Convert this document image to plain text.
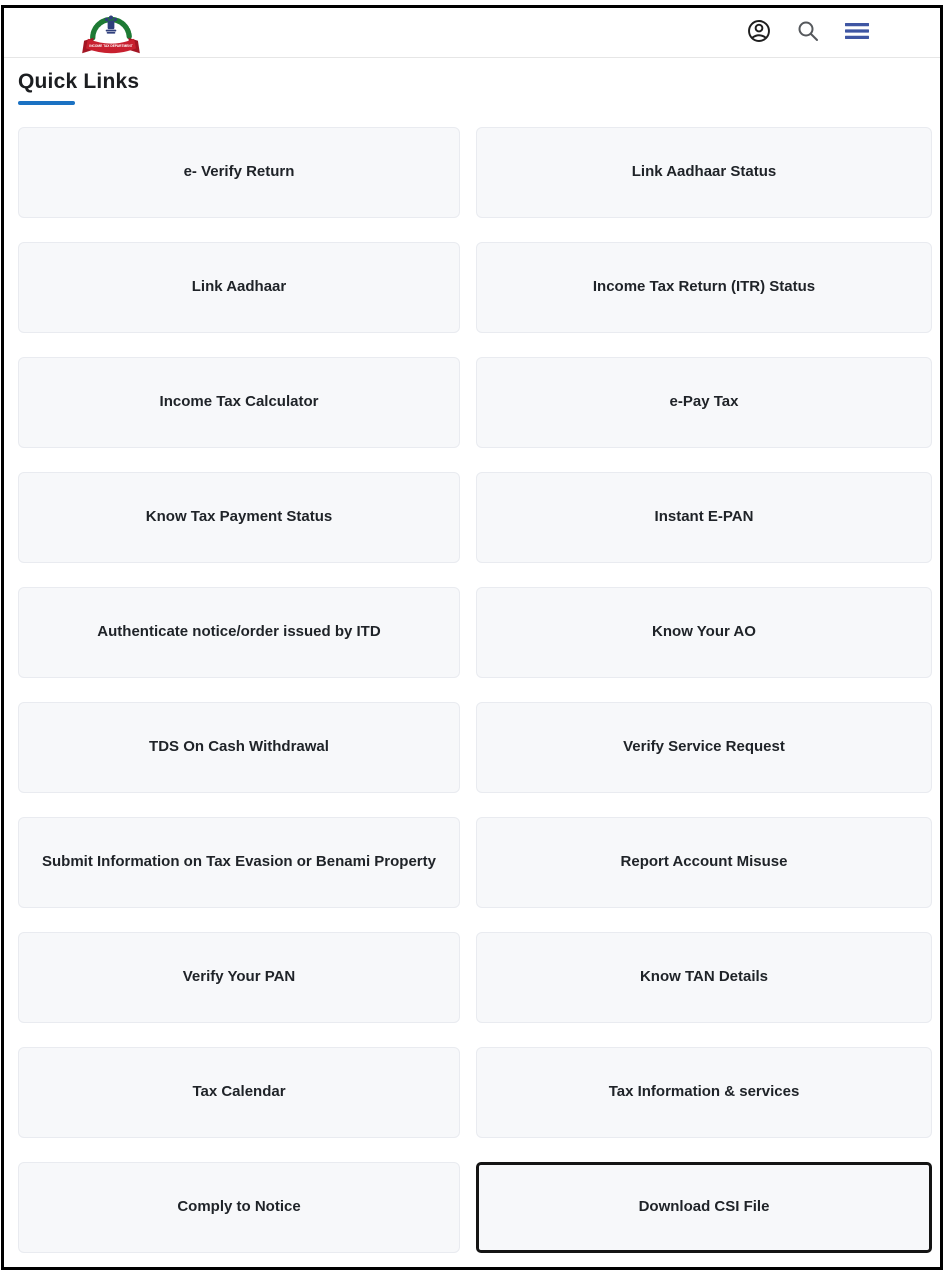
INCOME TAX DEPARTMENT
Quick Links
e- Verify Return	Link Aadhaar Status
Link Aadhaar	Income Tax Return (ITR) Status
Income Tax Calculator	e-Pay Tax
Know Tax Payment Status	Instant E-PAN
Authenticate notice/order issued by ITD	Know Your AO
TDS On Cash Withdrawal	Verify Service Request
Submit Information on Tax Evasion or Benami Property	Report Account Misuse
Verify Your PAN	Know TAN Details
Tax Calendar	Tax Information & services
Comply to Notice	Download CSI File
